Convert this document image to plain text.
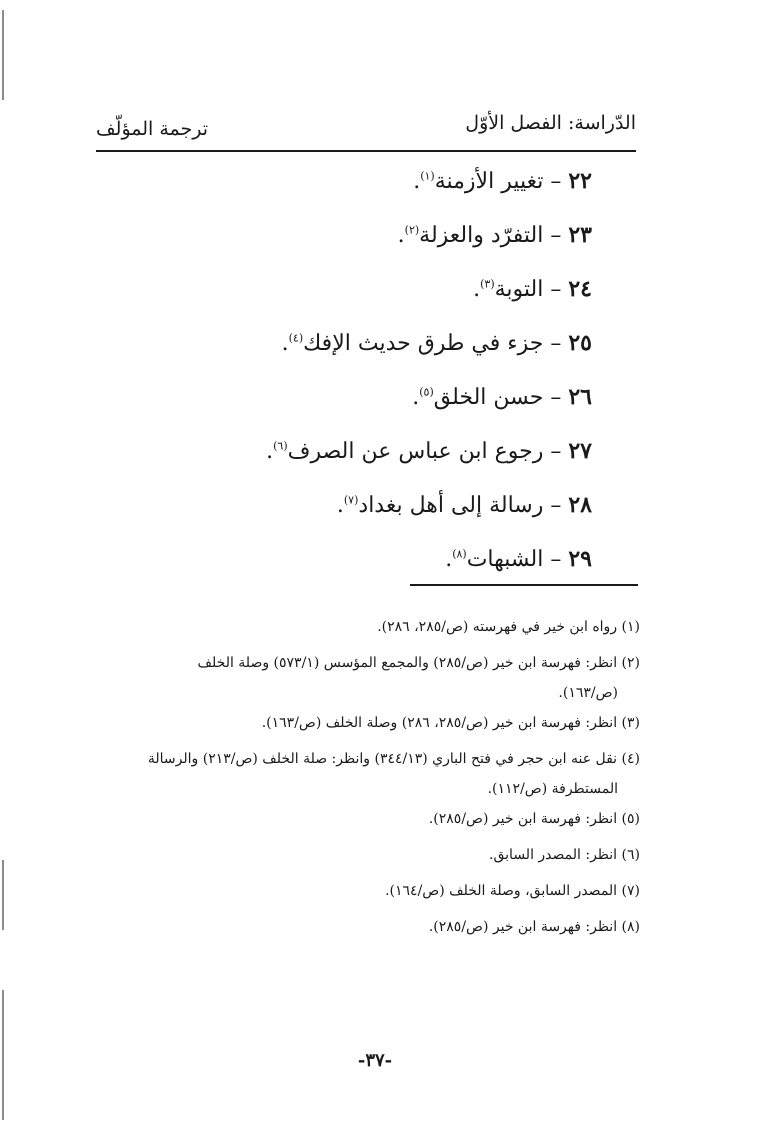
الدّراسة: الفصل الأوّل
ترجمة المؤلّف
٢٢ – تغيير الأزمنة$^{(١)}$.
٢٣ – التفرّد والعزلة$^{(٢)}$.
٢٤ – التوبة$^{(٣)}$.
٢٥ – جزء في طرق حديث الإفك$^{(٤)}$.
٢٦ – حسن الخلق$^{(٥)}$.
٢٧ – رجوع ابن عباس عن الصرف$^{(٦)}$.
٢٨ – رسالة إلى أهل بغداد$^{(٧)}$.
٢٩ – الشبهات$^{(٨)}$.
(١) رواه ابن خير في فهرسته (ص/٢٨٥، ٢٨٦).
(٢) انظر: فهرسة ابن خير (ص/٢٨٥) والمجمع المؤسس (٥٧٣/١) وصلة الخلف
(ص/١٦٣).
(٣) انظر: فهرسة ابن خير (ص/٢٨٥، ٢٨٦) وصلة الخلف (ص/١٦٣).
(٤) نقل عنه ابن حجر في فتح الباري (٣٤٤/١٣) وانظر: صلة الخلف (ص/٢١٣) والرسالة
المستطرفة (ص/١١٢).
(٥) انظر: فهرسة ابن خير (ص/٢٨٥).
(٦) انظر: المصدر السابق.
(٧) المصدر السابق، وصلة الخلف (ص/١٦٤).
(٨) انظر: فهرسة ابن خير (ص/٢٨٥).
-٣٧-
